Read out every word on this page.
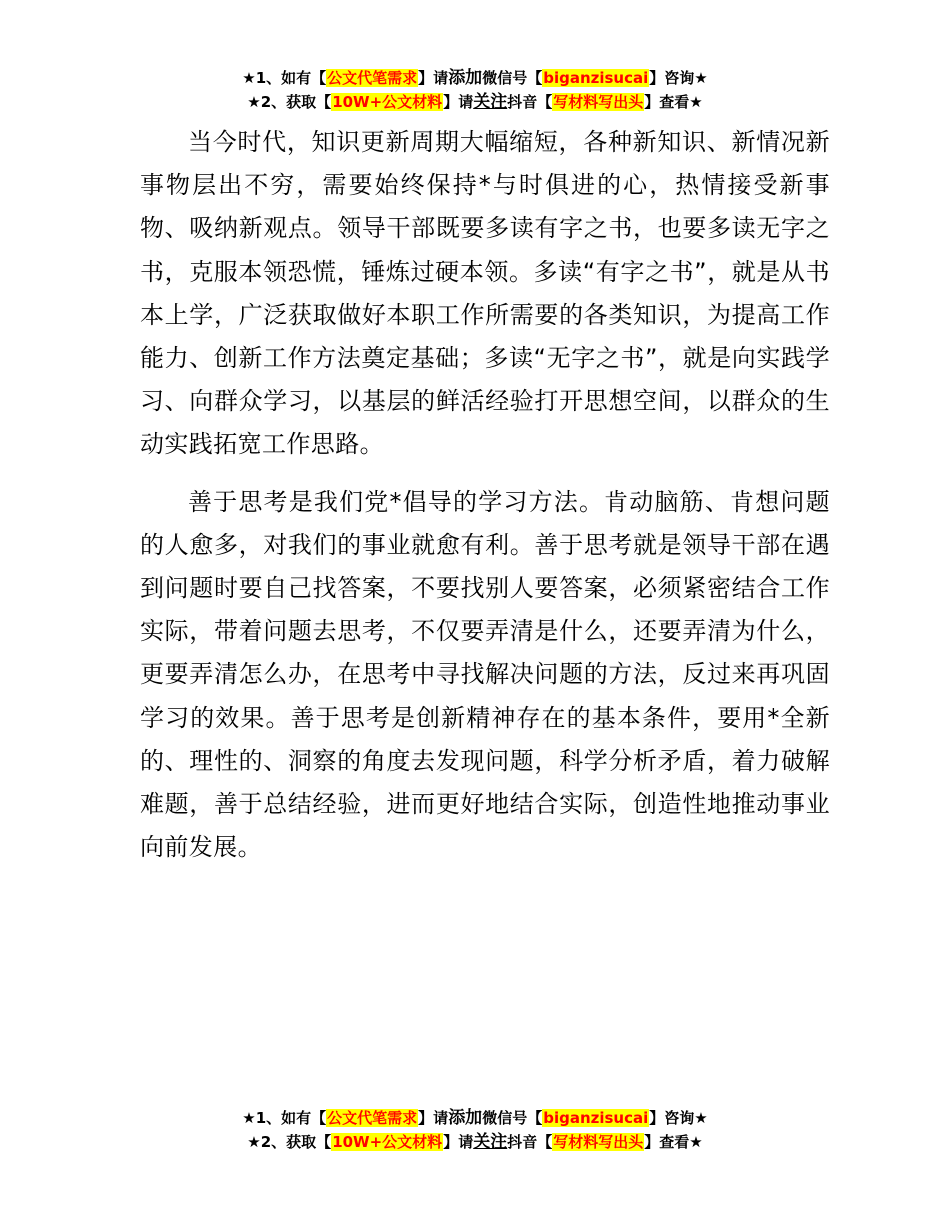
★1、如有【公文代笔需求】请添加微信号【biganzisucai】咨询★
★2、获取【10W+公文材料】请关注抖音【写材料写出头】查看★

当今时代，知识更新周期大幅缩短，各种新知识、新情况新事物层出不穷，需要始终保持*与时俱进的心，热情接受新事物、吸纳新观点。领导干部既要多读有字之书，也要多读无字之书，克服本领恐慌，锤炼过硬本领。多读“有字之书”，就是从书本上学，广泛获取做好本职工作所需要的各类知识，为提高工作能力、创新工作方法奠定基础；多读“无字之书”，就是向实践学习、向群众学习，以基层的鲜活经验打开思想空间，以群众的生动实践拓宽工作思路。

善于思考是我们党*倡导的学习方法。肯动脑筋、肯想问题的人愈多，对我们的事业就愈有利。善于思考就是领导干部在遇到问题时要自己找答案，不要找别人要答案，必须紧密结合工作实际，带着问题去思考，不仅要弄清是什么，还要弄清为什么，更要弄清怎么办，在思考中寻找解决问题的方法，反过来再巩固学习的效果。善于思考是创新精神存在的基本条件，要用*全新的、理性的、洞察的角度去发现问题，科学分析矛盾，着力破解难题，善于总结经验，进而更好地结合实际，创造性地推动事业向前发展。

★1、如有【公文代笔需求】请添加微信号【biganzisucai】咨询★
★2、获取【10W+公文材料】请关注抖音【写材料写出头】查看★
